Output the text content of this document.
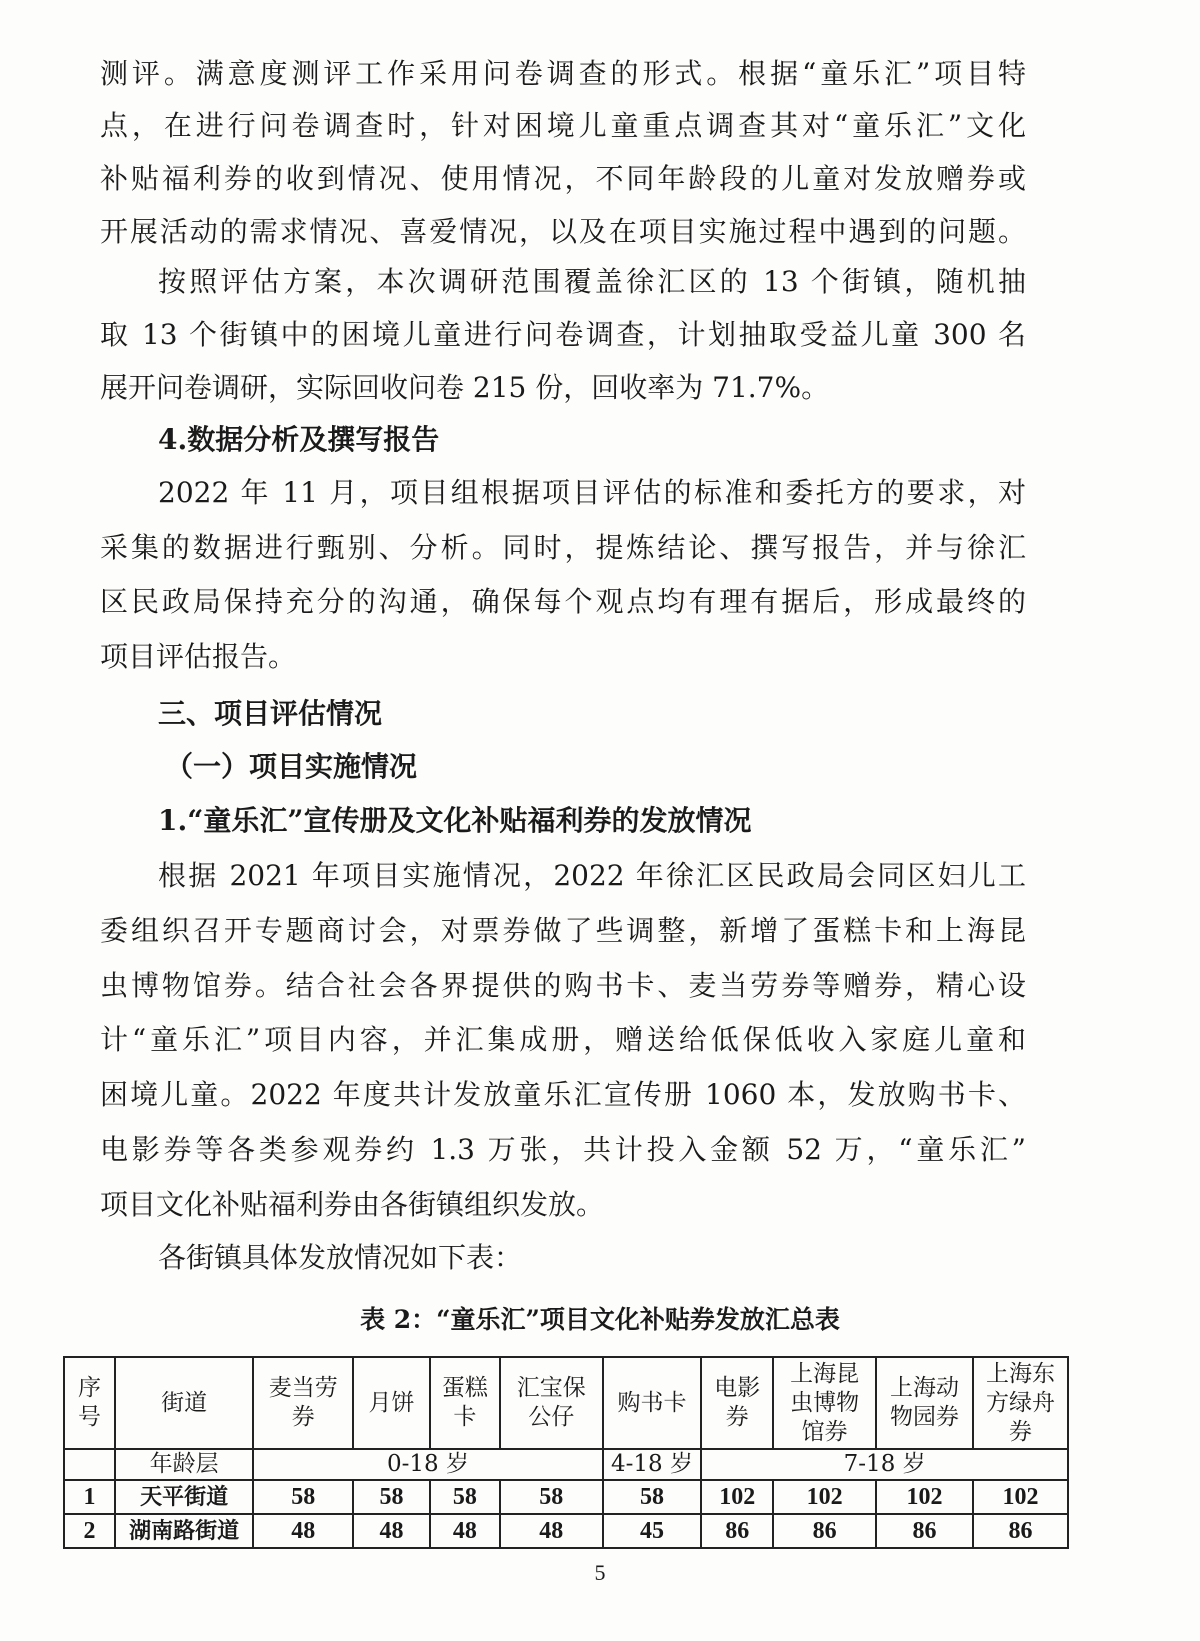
测评。满意度测评工作采用问卷调查的形式。根据“童乐汇”项目特
点，在进行问卷调查时，针对困境儿童重点调查其对“童乐汇”文化
补贴福利券的收到情况、使用情况，不同年龄段的儿童对发放赠券或
开展活动的需求情况、喜爱情况，以及在项目实施过程中遇到的问题。
按照评估方案，本次调研范围覆盖徐汇区的 13 个街镇，随机抽
取 13 个街镇中的困境儿童进行问卷调查，计划抽取受益儿童 300 名
展开问卷调研，实际回收问卷 215 份，回收率为 71.7%。
4.数据分析及撰写报告
2022 年 11 月，项目组根据项目评估的标准和委托方的要求，对
采集的数据进行甄别、分析。同时，提炼结论、撰写报告，并与徐汇
区民政局保持充分的沟通，确保每个观点均有理有据后，形成最终的
项目评估报告。
三、项目评估情况
（一）项目实施情况
1.“童乐汇”宣传册及文化补贴福利券的发放情况
根据 2021 年项目实施情况，2022 年徐汇区民政局会同区妇儿工
委组织召开专题商讨会，对票券做了些调整，新增了蛋糕卡和上海昆
虫博物馆券。结合社会各界提供的购书卡、麦当劳券等赠券，精心设
计“童乐汇”项目内容，并汇集成册，赠送给低保低收入家庭儿童和
困境儿童。2022 年度共计发放童乐汇宣传册 1060 本，发放购书卡、
电影券等各类参观券约 1.3 万张，共计投入金额 52 万，“童乐汇”
项目文化补贴福利券由各街镇组织发放。
各街镇具体发放情况如下表：
表 2：“童乐汇”项目文化补贴券发放汇总表
序号	街道	麦当劳券	月饼	蛋糕卡	汇宝保公仔	购书卡	电影券	上海昆虫博物馆券	上海动物园券	上海东方绿舟券

	年龄层	0-18 岁				4-18 岁	7-18 岁			
1	天平街道	58	58	58	58	58	102	102	102	102
2	湖南路街道	48	48	48	48	45	86	86	86	86
5
